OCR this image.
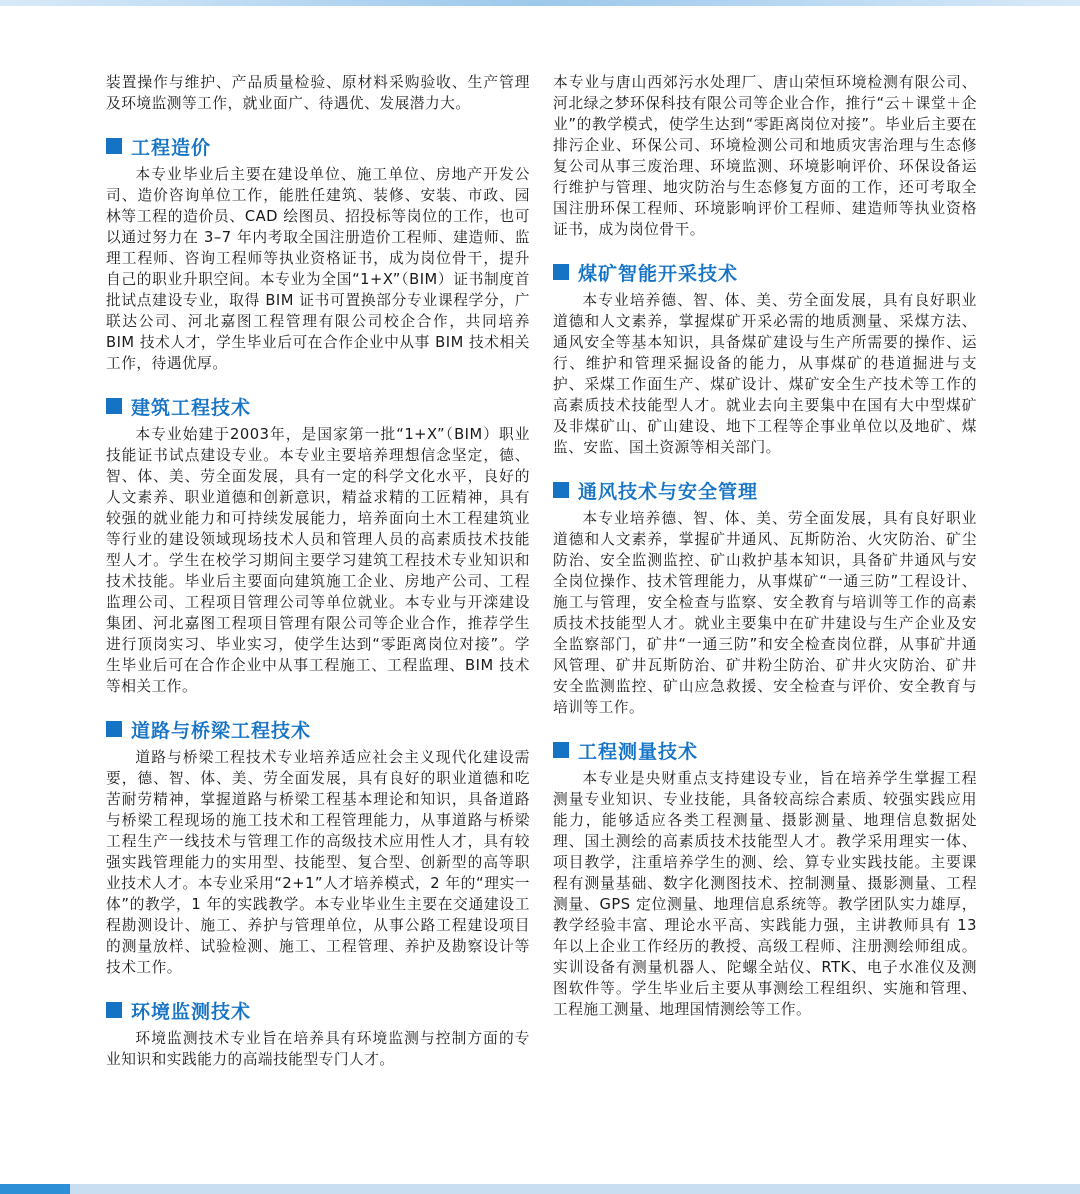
装置操作与维护、产品质量检验、原材料采购验收、生产管理及环境监测等工作，就业面广、待遇优、发展潜力大。

工程造价

本专业毕业后主要在建设单位、施工单位、房地产开发公司、造价咨询单位工作，能胜任建筑、装修、安装、市政、园林等工程的造价员、CAD 绘图员、招投标等岗位的工作，也可以通过努力在 3–7 年内考取全国注册造价工程师、建造师、监理工程师、咨询工程师等执业资格证书，成为岗位骨干，提升自己的职业升职空间。本专业为全国“1+X”（BIM）证书制度首批试点建设专业，取得 BIM 证书可置换部分专业课程学分，广联达公司、河北嘉图工程管理有限公司校企合作，共同培养 BIM 技术人才，学生毕业后可在合作企业中从事 BIM 技术相关工作，待遇优厚。

建筑工程技术

本专业始建于2003年，是国家第一批“1+X”（BIM）职业技能证书试点建设专业。本专业主要培养理想信念坚定，德、智、体、美、劳全面发展，具有一定的科学文化水平，良好的人文素养、职业道德和创新意识，精益求精的工匠精神，具有较强的就业能力和可持续发展能力，培养面向土木工程建筑业等行业的建设领域现场技术人员和管理人员的高素质技术技能型人才。学生在校学习期间主要学习建筑工程技术专业知识和技术技能。毕业后主要面向建筑施工企业、房地产公司、工程监理公司、工程项目管理公司等单位就业。本专业与开滦建设集团、河北嘉图工程项目管理有限公司等企业合作，推荐学生进行顶岗实习、毕业实习，使学生达到“零距离岗位对接”。学生毕业后可在合作企业中从事工程施工、工程监理、BIM 技术等相关工作。

道路与桥梁工程技术

道路与桥梁工程技术专业培养适应社会主义现代化建设需要，德、智、体、美、劳全面发展，具有良好的职业道德和吃苦耐劳精神，掌握道路与桥梁工程基本理论和知识，具备道路与桥梁工程现场的施工技术和工程管理能力，从事道路与桥梁工程生产一线技术与管理工作的高级技术应用性人才，具有较强实践管理能力的实用型、技能型、复合型、创新型的高等职业技术人才。本专业采用“2+1”人才培养模式，2 年的“理实一体”的教学，1 年的实践教学。本专业毕业生主要在交通建设工程勘测设计、施工、养护与管理单位，从事公路工程建设项目的测量放样、试验检测、施工、工程管理、养护及勘察设计等技术工作。

环境监测技术

环境监测技术专业旨在培养具有环境监测与控制方面的专业知识和实践能力的高端技能型专门人才。

本专业与唐山西郊污水处理厂、唐山荣恒环境检测有限公司、河北绿之梦环保科技有限公司等企业合作，推行“云＋课堂＋企业”的教学模式，使学生达到“零距离岗位对接”。毕业后主要在排污企业、环保公司、环境检测公司和地质灾害治理与生态修复公司从事三废治理、环境监测、环境影响评价、环保设备运行维护与管理、地灾防治与生态修复方面的工作，还可考取全国注册环保工程师、环境影响评价工程师、建造师等执业资格证书，成为岗位骨干。

煤矿智能开采技术

本专业培养德、智、体、美、劳全面发展，具有良好职业道德和人文素养，掌握煤矿开采必需的地质测量、采煤方法、通风安全等基本知识，具备煤矿建设与生产所需要的操作、运行、维护和管理采掘设备的能力，从事煤矿的巷道掘进与支护、采煤工作面生产、煤矿设计、煤矿安全生产技术等工作的高素质技术技能型人才。就业去向主要集中在国有大中型煤矿及非煤矿山、矿山建设、地下工程等企事业单位以及地矿、煤监、安监、国土资源等相关部门。

通风技术与安全管理

本专业培养德、智、体、美、劳全面发展，具有良好职业道德和人文素养，掌握矿井通风、瓦斯防治、火灾防治、矿尘防治、安全监测监控、矿山救护基本知识，具备矿井通风与安全岗位操作、技术管理能力，从事煤矿“一通三防”工程设计、施工与管理，安全检查与监察、安全教育与培训等工作的高素质技术技能型人才。就业主要集中在矿井建设与生产企业及安全监察部门，矿井“一通三防”和安全检查岗位群，从事矿井通风管理、矿井瓦斯防治、矿井粉尘防治、矿井火灾防治、矿井安全监测监控、矿山应急救援、安全检查与评价、安全教育与培训等工作。

工程测量技术

本专业是央财重点支持建设专业，旨在培养学生掌握工程测量专业知识、专业技能，具备较高综合素质、较强实践应用能力，能够适应各类工程测量、摄影测量、地理信息数据处理、国土测绘的高素质技术技能型人才。教学采用理实一体、项目教学，注重培养学生的测、绘、算专业实践技能。主要课程有测量基础、数字化测图技术、控制测量、摄影测量、工程测量、GPS 定位测量、地理信息系统等。教学团队实力雄厚，教学经验丰富、理论水平高、实践能力强，主讲教师具有 13 年以上企业工作经历的教授、高级工程师、注册测绘师组成。实训设备有测量机器人、陀螺全站仪、RTK、电子水准仪及测图软件等。学生毕业后主要从事测绘工程组织、实施和管理、工程施工测量、地理国情测绘等工作。
